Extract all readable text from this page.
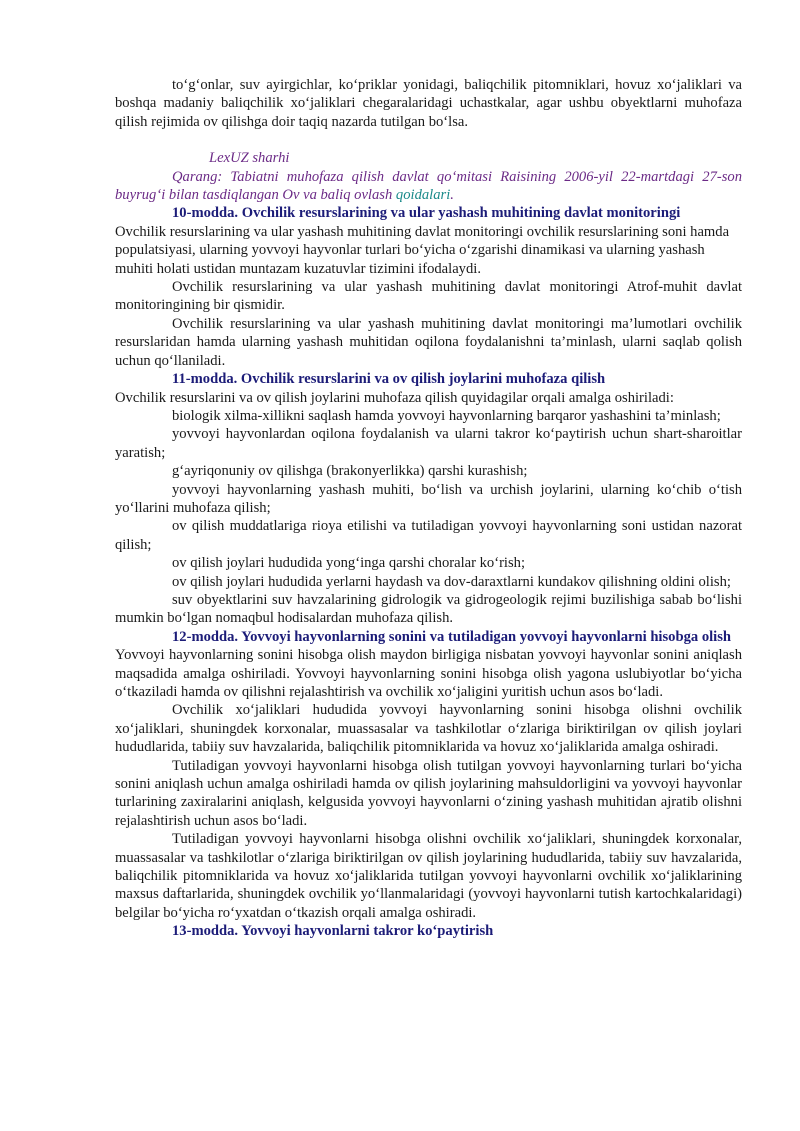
to‘g‘onlar, suv ayirgichlar, ko‘priklar yonidagi, baliqchilik pitomniklari, hovuz xo‘jaliklari va boshqa madaniy baliqchilik xo‘jaliklari chegaralaridagi uchastkalar, agar ushbu obyektlarni muhofaza qilish rejimida ov qilishga doir taqiq nazarda tutilgan bo‘lsa.

LexUZ sharhi

Qarang: Tabiatni muhofaza qilish davlat qo‘mitasi Raisining 2006-yil 22-martdagi 27-son buyrug‘i bilan tasdiqlangan Ov va baliq ovlash qoidalari.

10-modda. Ovchilik resurslarining va ular yashash muhitining davlat monitoringi

Ovchilik resurslarining va ular yashash muhitining davlat monitoringi ovchilik resurslarining soni hamda populatsiyasi, ularning yovvoyi hayvonlar turlari bo‘yicha o‘zgarishi dinamikasi va ularning yashash muhiti holati ustidan muntazam kuzatuvlar tizimini ifodalaydi.

Ovchilik resurslarining va ular yashash muhitining davlat monitoringi Atrof-muhit davlat monitoringining bir qismidir.

Ovchilik resurslarining va ular yashash muhitining davlat monitoringi ma’lumotlari ovchilik resurslaridan hamda ularning yashash muhitidan oqilona foydalanishni ta’minlash, ularni saqlab qolish uchun qo‘llaniladi.

11-modda. Ovchilik resurslarini va ov qilish joylarini muhofaza qilish

Ovchilik resurslarini va ov qilish joylarini muhofaza qilish quyidagilar orqali amalga oshiriladi:

biologik xilma-xillikni saqlash hamda yovvoyi hayvonlarning barqaror yashashini ta’minlash;

yovvoyi hayvonlardan oqilona foydalanish va ularni takror ko‘paytirish uchun shart-sharoitlar yaratish;

g‘ayriqonuniy ov qilishga (brakonyerlikka) qarshi kurashish;

yovvoyi hayvonlarning yashash muhiti, bo‘lish va urchish joylarini, ularning ko‘chib o‘tish yo‘llarini muhofaza qilish;

ov qilish muddatlariga rioya etilishi va tutiladigan yovvoyi hayvonlarning soni ustidan nazorat qilish;

ov qilish joylari hududida yong‘inga qarshi choralar ko‘rish;

ov qilish joylari hududida yerlarni haydash va dov-daraxtlarni kundakov qilishning oldini olish;

suv obyektlarini suv havzalarining gidrologik va gidrogeologik rejimi buzilishiga sabab bo‘lishi mumkin bo‘lgan nomaqbul hodisalardan muhofaza qilish.

12-modda. Yovvoyi hayvonlarning sonini va tutiladigan yovvoyi hayvonlarni hisobga olish

Yovvoyi hayvonlarning sonini hisobga olish maydon birligiga nisbatan yovvoyi hayvonlar sonini aniqlash maqsadida amalga oshiriladi. Yovvoyi hayvonlarning sonini hisobga olish yagona uslubiyotlar bo‘yicha o‘tkaziladi hamda ov qilishni rejalashtirish va ovchilik xo‘jaligini yuritish uchun asos bo‘ladi.

Ovchilik xo‘jaliklari hududida yovvoyi hayvonlarning sonini hisobga olishni ovchilik xo‘jaliklari, shuningdek korxonalar, muassasalar va tashkilotlar o‘zlariga biriktirilgan ov qilish joylari hududlarida, tabiiy suv havzalarida, baliqchilik pitomniklarida va hovuz xo‘jaliklarida amalga oshiradi.

Tutiladigan yovvoyi hayvonlarni hisobga olish tutilgan yovvoyi hayvonlarning turlari bo‘yicha sonini aniqlash uchun amalga oshiriladi hamda ov qilish joylarining mahsuldorligini va yovvoyi hayvonlar turlarining zaxiralarini aniqlash, kelgusida yovvoyi hayvonlarni o‘zining yashash muhitidan ajratib olishni rejalashtirish uchun asos bo‘ladi.

Tutiladigan yovvoyi hayvonlarni hisobga olishni ovchilik xo‘jaliklari, shuningdek korxonalar, muassasalar va tashkilotlar o‘zlariga biriktirilgan ov qilish joylarining hududlarida, tabiiy suv havzalarida, baliqchilik pitomniklarida va hovuz xo‘jaliklarida tutilgan yovvoyi hayvonlarni ovchilik xo‘jaliklarining maxsus daftarlarida, shuningdek ovchilik yo‘llanmalaridagi (yovvoyi hayvonlarni tutish kartochkalaridagi) belgilar bo‘yicha ro‘yxatdan o‘tkazish orqali amalga oshiradi.

13-modda. Yovvoyi hayvonlarni takror ko‘paytirish
